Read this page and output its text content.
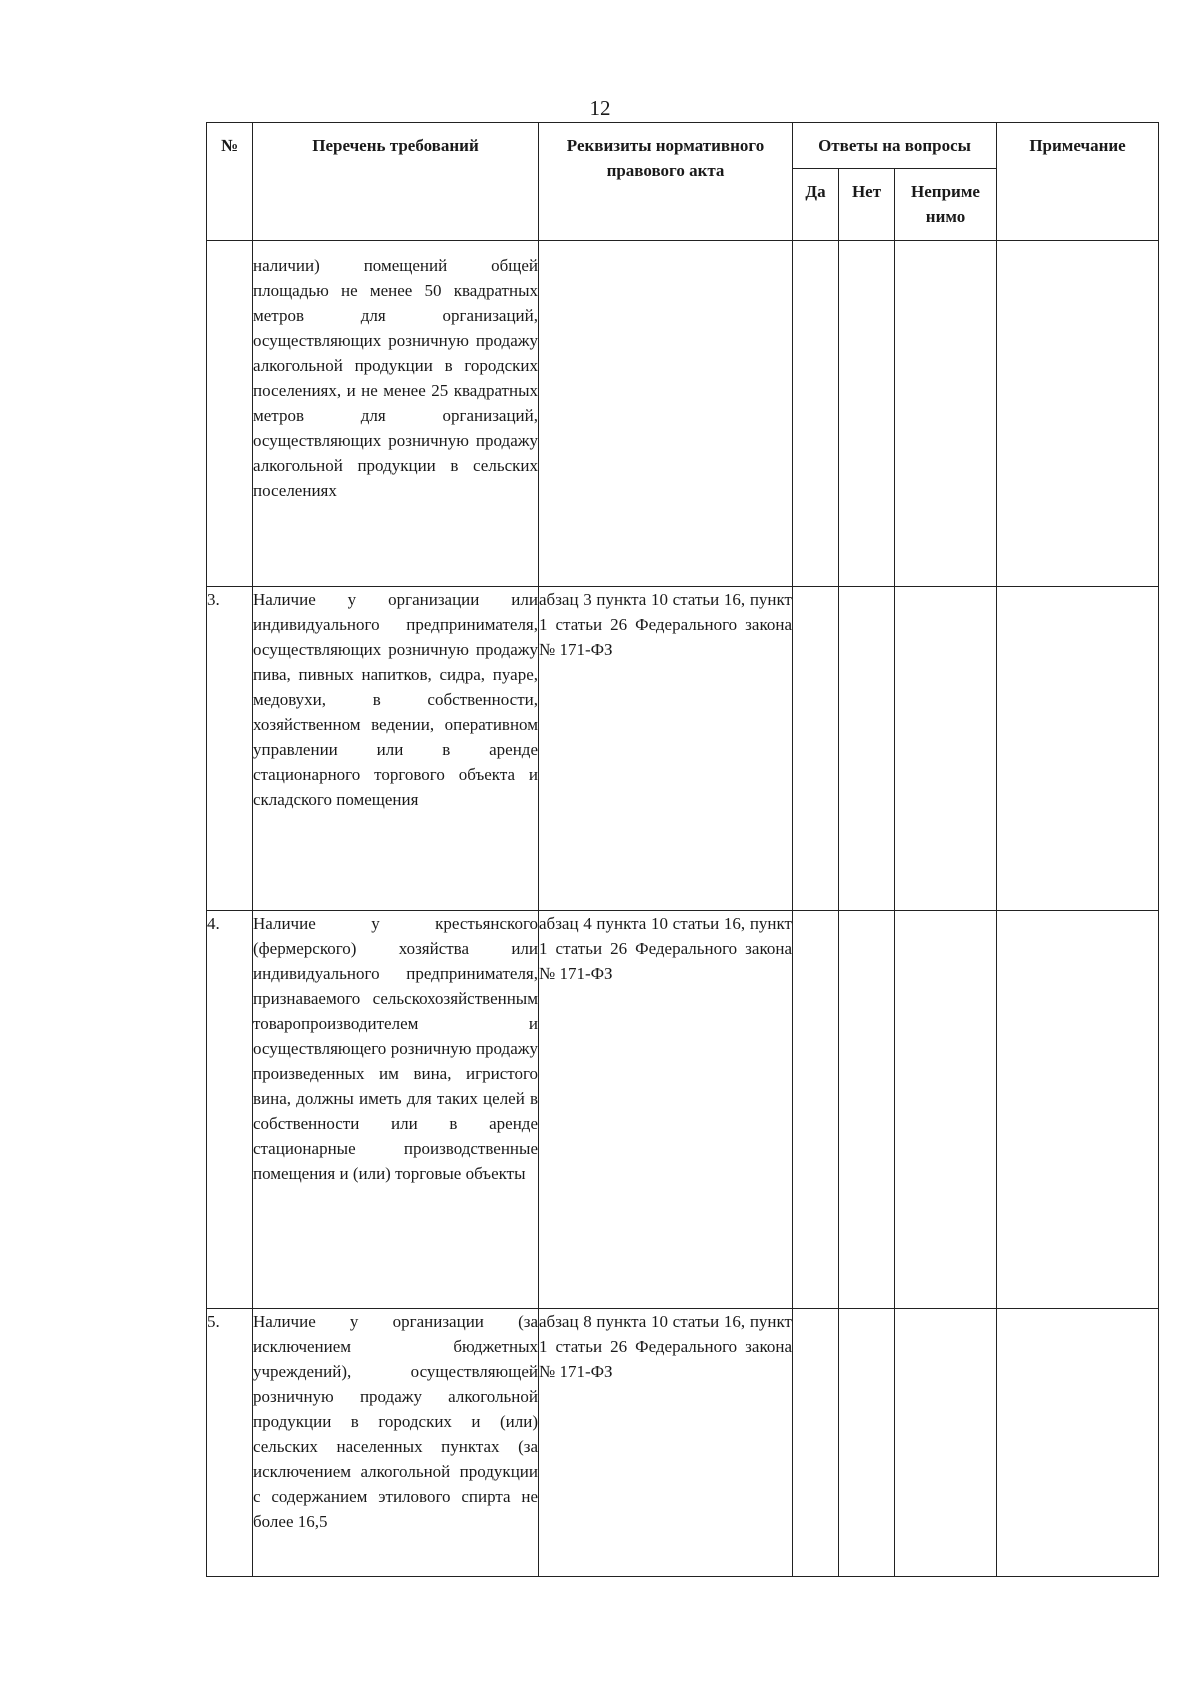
12
№	Перечень требований	Реквизиты нормативного правового акта	Ответы на вопросы			Примечание
			Да	Нет	Неприме нимо	
	наличии) помещений общей площадью не менее 50 квадратных метров для организаций, осуществляющих розничную продажу алкогольной продукции в городских поселениях, и не менее 25 квадратных метров для организаций, осуществляющих розничную продажу алкогольной продукции в сельских поселениях					
3.	Наличие у организации или индивидуального предпринимателя, осуществляющих розничную продажу пива, пивных напитков, сидра, пуаре, медовухи, в собственности, хозяйственном ведении, оперативном управлении или в аренде стационарного торгового объекта и складского помещения	абзац 3 пункта 10 статьи 16, пункт 1 статьи 26 Федерального закона № 171-ФЗ				
4.	Наличие у крестьянского (фермерского) хозяйства или индивидуального предпринимателя, признаваемого сельскохозяйственным товаропроизводителем и осуществляющего розничную продажу произведенных им вина, игристого вина, должны иметь для таких целей в собственности или в аренде стационарные производственные помещения и (или) торговые объекты	абзац 4 пункта 10 статьи 16, пункт 1 статьи 26 Федерального закона № 171-ФЗ				
5.	Наличие у организации (за исключением бюджетных учреждений), осуществляющей розничную продажу алкогольной продукции в городских и (или) сельских населенных пунктах (за исключением алкогольной продукции с содержанием этилового спирта не более 16,5	абзац 8 пункта 10 статьи 16, пункт 1 статьи 26 Федерального закона № 171-ФЗ				
